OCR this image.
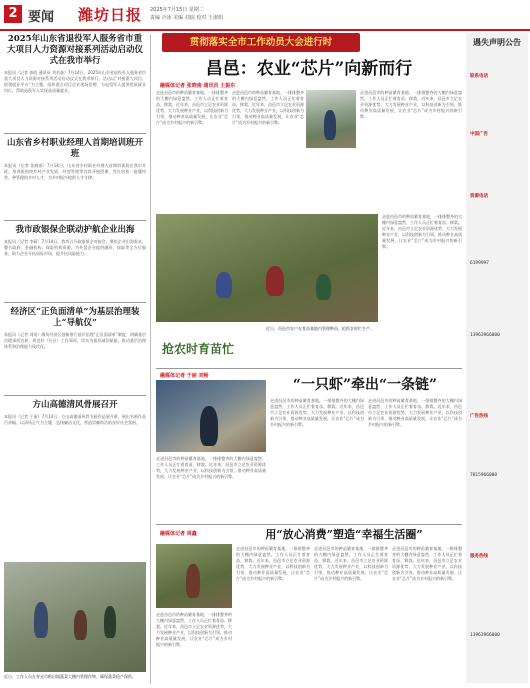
2 要闻 潍坊日报 2025年7月15日 星期二
责编 冷冰 美编 刘琨 校对 王淑娟
2025年山东省退役军人服务省市重大项目人力资源对接系列活动启动仪式在我市举行
本报讯（记者 郭欣 通讯员 刘若森）7月14日，2025年山东省退役军人服务省市重大项目人力资源对接系列活动启动仪式在我市举行。活动以“对接重大项目、搭建就业平台”为主题，组织重点项目企业现场招聘，为退役军人提供优质就业岗位，帮助退役军人实现高质量就业。
山东省乡村职业经理人首期培训班开班
本报讯（记者 张晓南）7月14日，山东省乡村职业经理人首期培训班在我市开班。培训班围绕乡村产业发展、经营管理等内容开展授课，旨在培养一批懂经营、善管理的乡村人才，为乡村振兴提供人才支撑。
我市政银保企联动护航企业出海
本报讯（记者 李莉）7月14日，我市召开政银保企对接会，聚焦企业出海需求，整合政府、金融机构、保险机构资源，为外贸企业提供融资、保险等全方位服务，助力企业开拓国际市场，提升抗风险能力。
经济区“正负面清单”为基层治理装上“导航仪”
本报讯（记者 刘英）潍坊经济区创新推行基层治理“正负面清单”制度，明确基层治理事项边界，规范村（社区）工作事项，切实为基层减负赋能，推动基层治理体系和治理能力现代化。
方山高德清风骨展召开
本报讯（记者 于丽）7月14日，方山高德清风骨书画作品展开幕，展出书画作品百余幅，以清风正气为主题，弘扬廉洁文化，营造崇廉尚洁的良好社会氛围。
近日，工作人员在寿光市稻田镇蔬菜大棚内管理作物，确保蔬菜稳产保供。
贯彻落实全市工作动员大会进行时
昌邑：农业“芯片”向新而行
融媒体记者 张晓南 通讯员 王振东
走进昌邑市的种苗繁育基地，一排排整齐的大棚内绿意盎然，工作人员正忙着育苗、移栽。近年来，昌邑市立足农业资源优势，大力发展种业产业，以科技创新为引领，推动种业高质量发展，让农业“芯片”成为乡村振兴的新引擎。
走进昌邑市的种苗繁育基地，一排排整齐的大棚内绿意盎然，工作人员正忙着育苗、移栽。近年来，昌邑市立足农业资源优势，大力发展种业产业，以科技创新为引领，推动种业高质量发展，让农业“芯片”成为乡村振兴的新引擎。
走进昌邑市的种苗繁育基地，一排排整齐的大棚内绿意盎然，工作人员正忙着育苗、移栽。近年来，昌邑市立足农业资源优势，大力发展种业产业，以科技创新为引领，推动种业高质量发展，让农业“芯片”成为乡村振兴的新引擎。
抢农时育苗忙
近日，昌邑市农户在育苗基地内管理种苗，抢抓农时忙生产。
走进昌邑市的种苗繁育基地，一排排整齐的大棚内绿意盎然，工作人员正忙着育苗、移栽。近年来，昌邑市立足农业资源优势，大力发展种业产业，以科技创新为引领，推动种业高质量发展，让农业“芯片”成为乡村振兴的新引擎。
融媒体记者 于丽 刘畅
“一只虾”牵出“一条链”
走进昌邑市的种苗繁育基地，一排排整齐的大棚内绿意盎然，工作人员正忙着育苗、移栽。近年来，昌邑市立足农业资源优势，大力发展种业产业，以科技创新为引领，推动种业高质量发展，让农业“芯片”成为乡村振兴的新引擎。
走进昌邑市的种苗繁育基地，一排排整齐的大棚内绿意盎然，工作人员正忙着育苗、移栽。近年来，昌邑市立足农业资源优势，大力发展种业产业，以科技创新为引领，推动种业高质量发展，让农业“芯片”成为乡村振兴的新引擎。
走进昌邑市的种苗繁育基地，一排排整齐的大棚内绿意盎然，工作人员正忙着育苗、移栽。近年来，昌邑市立足农业资源优势，大力发展种业产业，以科技创新为引领，推动种业高质量发展，让农业“芯片”成为乡村振兴的新引擎。
用“放心消费”塑造“幸福生活圈”
融媒体记者 周鑫
走进昌邑市的种苗繁育基地，一排排整齐的大棚内绿意盎然，工作人员正忙着育苗、移栽。近年来，昌邑市立足农业资源优势，大力发展种业产业，以科技创新为引领，推动种业高质量发展，让农业“芯片”成为乡村振兴的新引擎。
走进昌邑市的种苗繁育基地，一排排整齐的大棚内绿意盎然，工作人员正忙着育苗、移栽。近年来，昌邑市立足农业资源优势，大力发展种业产业，以科技创新为引领，推动种业高质量发展，让农业“芯片”成为乡村振兴的新引擎。
走进昌邑市的种苗繁育基地，一排排整齐的大棚内绿意盎然，工作人员正忙着育苗、移栽。近年来，昌邑市立足农业资源优势，大力发展种业产业，以科技创新为引领，推动种业高质量发展，让农业“芯片”成为乡村振兴的新引擎。
走进昌邑市的种苗繁育基地，一排排整齐的大棚内绿意盎然，工作人员正忙着育苗、移栽。近年来，昌邑市立足农业资源优势，大力发展种业产业，以科技创新为引领，推动种业高质量发展，让农业“芯片”成为乡村振兴的新引擎。
遇失声明公告
联系电话
中国广告
资源电话
6199997
13963966000
广告热线
7815966000
服务热线
13963966000
